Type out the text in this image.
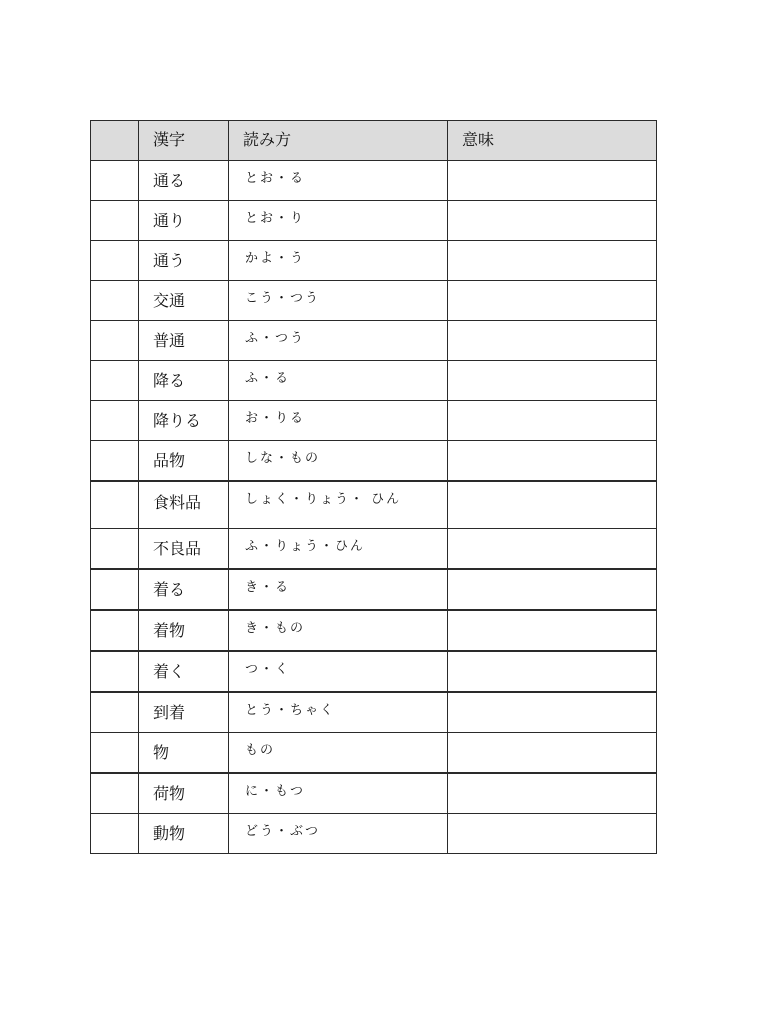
	漢字	読み方	意味

	通る	とお・る	

	通り	とお・り	

	通う	かよ・う	

	交通	こう・つう	

	普通	ふ・つう	

	降る	ふ・る	

	降りる	お・りる	

	品物	しな・もの	

	食料品	しょく・りょう・ ひん	

	不良品	ふ・りょう・ひん	

	着る	き・る	

	着物	き・もの	

	着く	つ・く	

	到着	とう・ちゃく	

	物	もの	

	荷物	に・もつ	

	動物	どう・ぶつ	
